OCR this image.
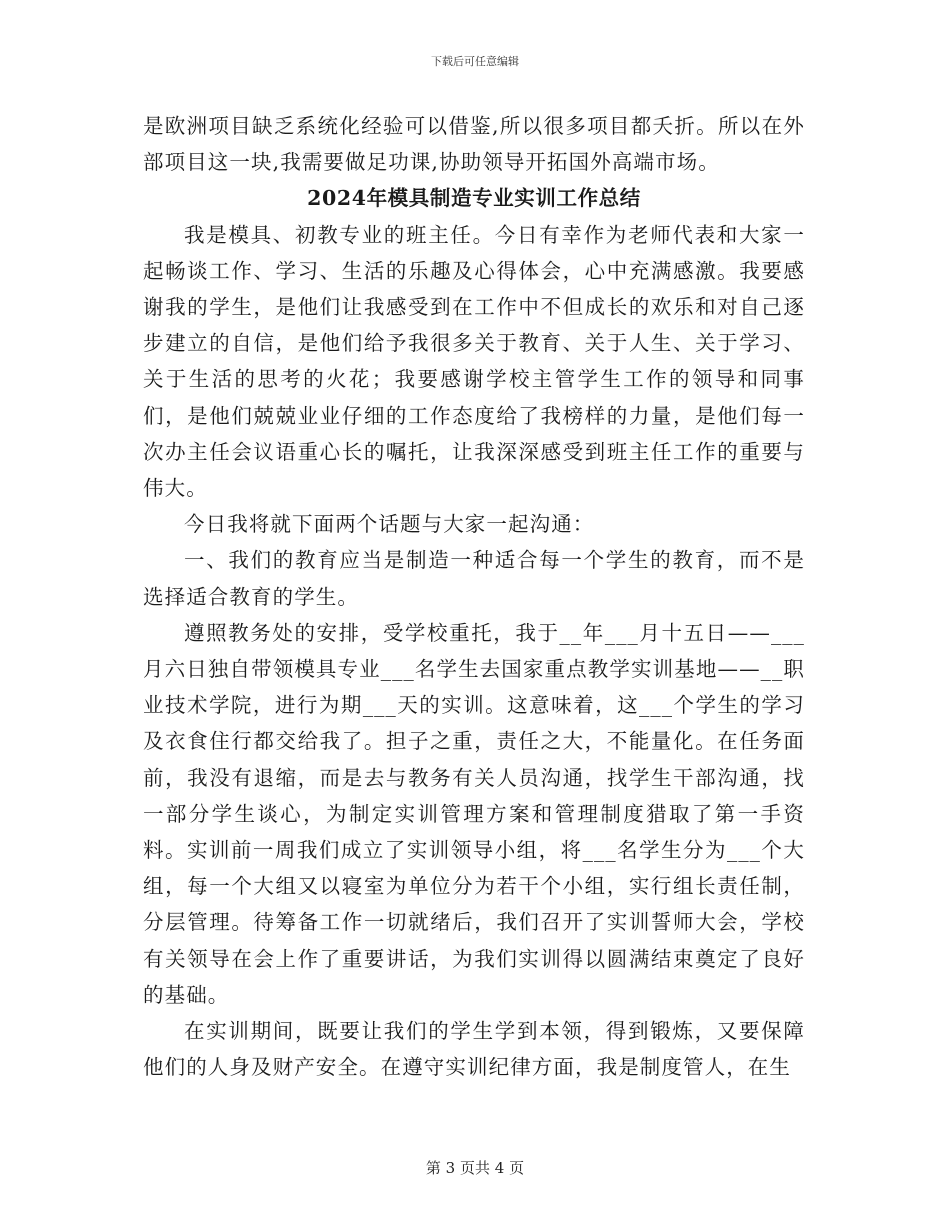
下载后可任意编辑

是欧洲项目缺乏系统化经验可以借鉴,所以很多项目都夭折。所以在外部项目这一块,我需要做足功课,协助领导开拓国外高端市场。

2024年模具制造专业实训工作总结

我是模具、初教专业的班主任。今日有幸作为老师代表和大家一起畅谈工作、学习、生活的乐趣及心得体会，心中充满感激。我要感谢我的学生，是他们让我感受到在工作中不但成长的欢乐和对自己逐步建立的自信，是他们给予我很多关于教育、关于人生、关于学习、关于生活的思考的火花；我要感谢学校主管学生工作的领导和同事们，是他们兢兢业业仔细的工作态度给了我榜样的力量，是他们每一次办主任会议语重心长的嘱托，让我深深感受到班主任工作的重要与伟大。

今日我将就下面两个话题与大家一起沟通：

一、我们的教育应当是制造一种适合每一个学生的教育，而不是选择适合教育的学生。

遵照教务处的安排，受学校重托，我于__年___月十五日——___月六日独自带领模具专业___名学生去国家重点教学实训基地——__职业技术学院，进行为期___天的实训。这意味着，这___个学生的学习及衣食住行都交给我了。担子之重，责任之大，不能量化。在任务面前，我没有退缩，而是去与教务有关人员沟通，找学生干部沟通，找一部分学生谈心，为制定实训管理方案和管理制度猎取了第一手资料。实训前一周我们成立了实训领导小组，将___名学生分为___个大组，每一个大组又以寝室为单位分为若干个小组，实行组长责任制，分层管理。待筹备工作一切就绪后，我们召开了实训誓师大会，学校有关领导在会上作了重要讲话，为我们实训得以圆满结束奠定了良好的基础。

在实训期间，既要让我们的学生学到本领，得到锻炼，又要保障他们的人身及财产安全。在遵守实训纪律方面，我是制度管人，在生

第 3 页共 4 页
